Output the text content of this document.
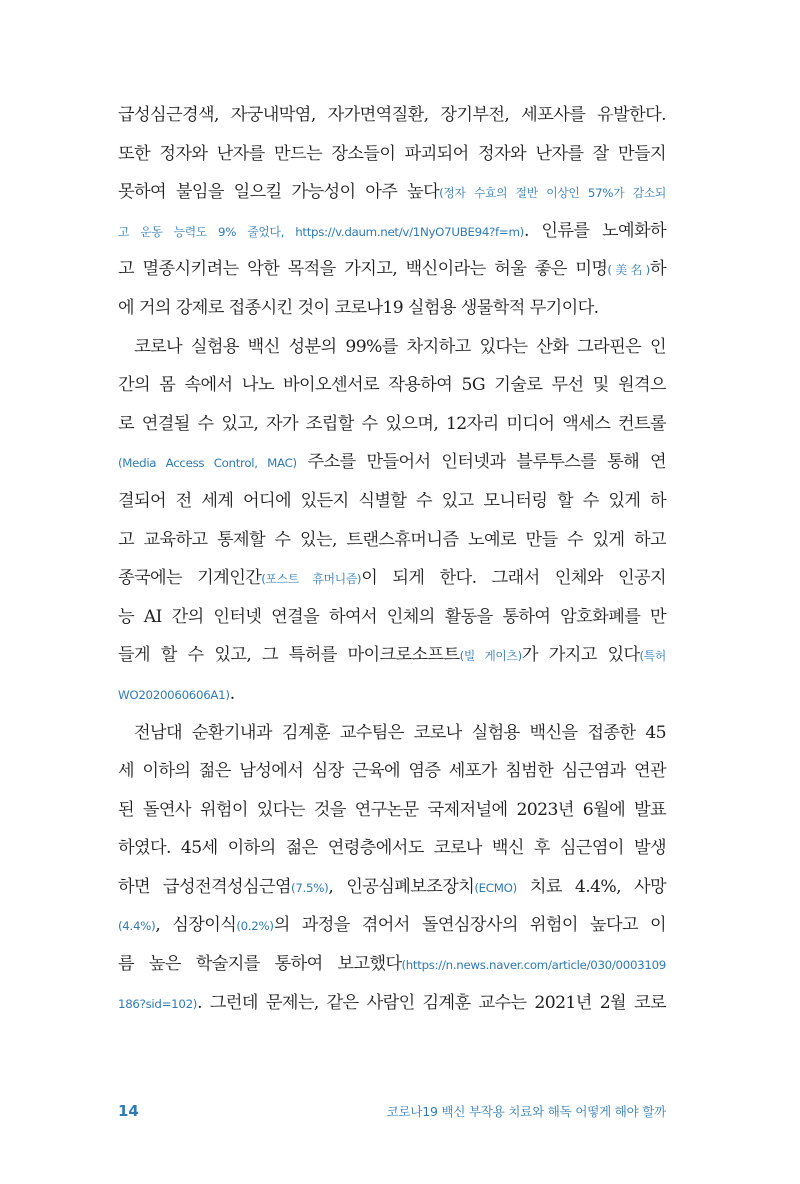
급성심근경색, 자궁내막염, 자가면역질환, 장기부전, 세포사를 유발한다.
또한 정자와 난자를 만드는 장소들이 파괴되어 정자와 난자를 잘 만들지
못하여 불임을 일으킬 가능성이 아주 높다(정자 수효의 절반 이상인 57%가 감소되
고 운동 능력도 9% 줄었다, https://v.daum.net/v/1NyO7UBE94?f=m). 인류를 노예화하
고 멸종시키려는 악한 목적을 가지고, 백신이라는 허울 좋은 미명(美名)하
에 거의 강제로 접종시킨 것이 코로나19 실험용 생물학적 무기이다.
코로나 실험용 백신 성분의 99%를 차지하고 있다는 산화 그라핀은 인
간의 몸 속에서 나노 바이오센서로 작용하여 5G 기술로 무선 및 원격으
로 연결될 수 있고, 자가 조립할 수 있으며, 12자리 미디어 액세스 컨트롤
(Media Access Control, MAC) 주소를 만들어서 인터넷과 블루투스를 통해 연
결되어 전 세계 어디에 있든지 식별할 수 있고 모니터링 할 수 있게 하
고 교육하고 통제할 수 있는, 트랜스휴머니즘 노예로 만들 수 있게 하고
종국에는 기계인간(포스트 휴머니즘)이 되게 한다. 그래서 인체와 인공지
능 AI 간의 인터넷 연결을 하여서 인체의 활동을 통하여 암호화폐를 만
들게 할 수 있고, 그 특허를 마이크로소프트(빌 게이츠)가 가지고 있다(특허
WO2020060606A1).
전남대 순환기내과 김계훈 교수팀은 코로나 실험용 백신을 접종한 45
세 이하의 젊은 남성에서 심장 근육에 염증 세포가 침범한 심근염과 연관
된 돌연사 위험이 있다는 것을 연구논문 국제저널에 2023년 6월에 발표
하였다. 45세 이하의 젊은 연령층에서도 코로나 백신 후 심근염이 발생
하면 급성전격성심근염(7.5%), 인공심폐보조장치(ECMO) 치료 4.4%, 사망
(4.4%), 심장이식(0.2%)의 과정을 겪어서 돌연심장사의 위험이 높다고 이
름 높은 학술지를 통하여 보고했다(https://n.news.naver.com/article/030/0003109
186?sid=102). 그런데 문제는, 같은 사람인 김계훈 교수는 2021년 2월 코로
14	코로나19 백신 부작용 치료와 해독 어떻게 해야 할까
